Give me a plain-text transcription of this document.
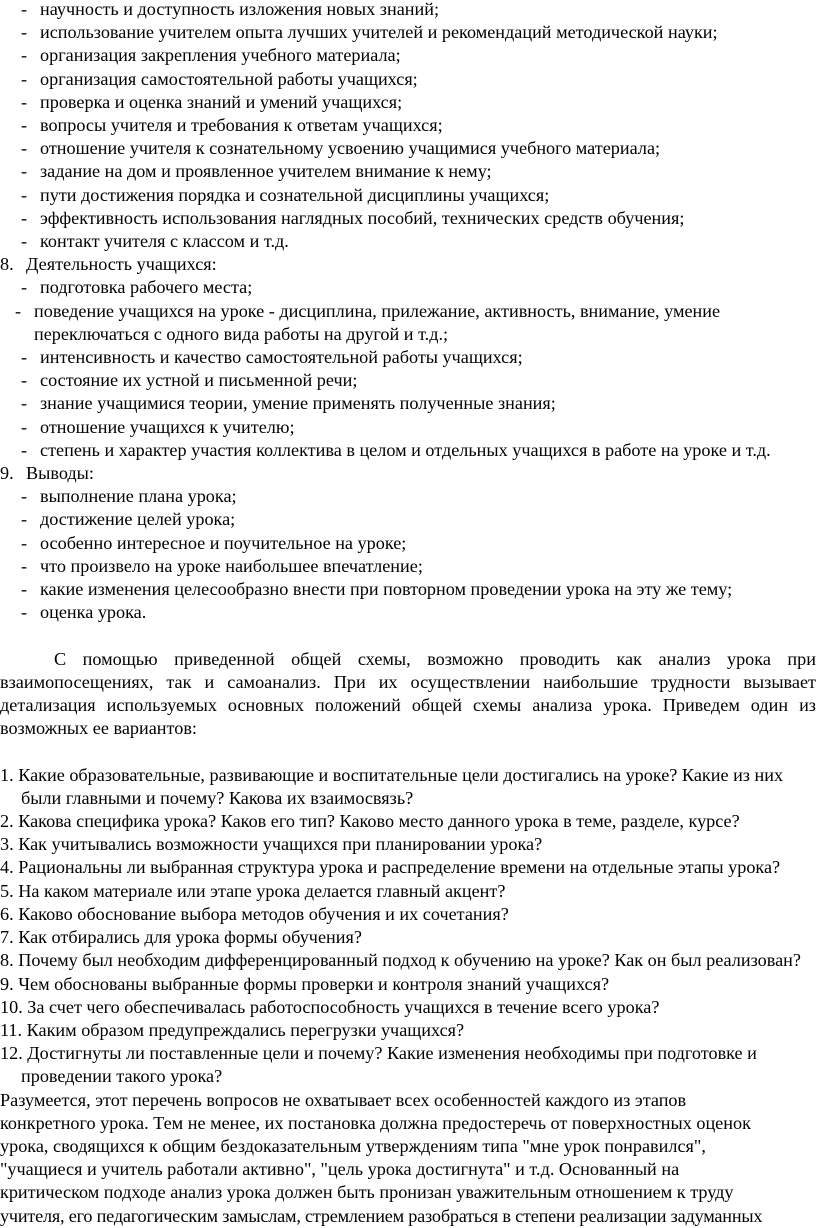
- научность и доступность изложения новых знаний;
- использование учителем опыта лучших учителей и рекомендаций методической науки;
- организация закрепления учебного материала;
- организация самостоятельной работы учащихся;
- проверка и оценка знаний и умений учащихся;
- вопросы учителя и требования к ответам учащихся;
- отношение учителя к сознательному усвоению учащимися учебного материала;
- задание на дом и проявленное учителем внимание к нему;
- пути достижения порядка и сознательной дисциплины учащихся;
- эффективность использования наглядных пособий, технических средств обучения;
- контакт учителя с классом и т.д.
8. Деятельность учащихся:
- подготовка рабочего места;
- поведение учащихся на уроке - дисциплина, прилежание, активность, внимание, умение переключаться с одного вида работы на другой и т.д.;
- интенсивность и качество самостоятельной работы учащихся;
- состояние их устной и письменной речи;
- знание учащимися теории, умение применять полученные знания;
- отношение учащихся к учителю;
- степень и характер участия коллектива в целом и отдельных учащихся в работе на уроке и т.д.
9. Выводы:
- выполнение плана урока;
- достижение целей урока;
- особенно интересное и поучительное на уроке;
- что произвело на уроке наибольшее впечатление;
- какие изменения целесообразно внести при повторном проведении урока на эту же тему;
- оценка урока.

С помощью приведенной общей схемы, возможно проводить как анализ урока при взаимопосещениях, так и самоанализ. При их осуществлении наибольшие трудности вызывает детализация используемых основных положений общей схемы анализа урока. Приведем один из возможных ее вариантов:

1. Какие образовательные, развивающие и воспитательные цели достигались на уроке? Какие из них были главными и почему? Какова их взаимосвязь?
2. Какова специфика урока? Каков его тип? Каково место данного урока в теме, разделе, курсе?
3. Как учитывались возможности учащихся при планировании урока?
4. Рациональны ли выбранная структура урока и распределение времени на отдельные этапы урока?
5. На каком материале или этапе урока делается главный акцент?
6. Каково обоснование выбора методов обучения и их сочетания?
7. Как отбирались для урока формы обучения?
8. Почему был необходим дифференцированный подход к обучению на уроке? Как он был реализован?
9. Чем обоснованы выбранные формы проверки и контроля знаний учащихся?
10. За счет чего обеспечивалась работоспособность учащихся в течение всего урока?
11. Каким образом предупреждались перегрузки учащихся?
12. Достигнуты ли поставленные цели и почему? Какие изменения необходимы при подготовке и проведении такого урока?
Разумеется, этот перечень вопросов не охватывает всех особенностей каждого из этапов
конкретного урока. Тем не менее, их постановка должна предостеречь от поверхностных оценок
урока, сводящихся к общим бездоказательным утверждениям типа "мне урок понравился",
"учащиеся и учитель работали активно", "цель урока достигнута" и т.д. Основанный на
критическом подходе анализ урока должен быть пронизан уважительным отношением к труду
учителя, его педагогическим замыслам, стремлением разобраться в степени реализации задуманных
